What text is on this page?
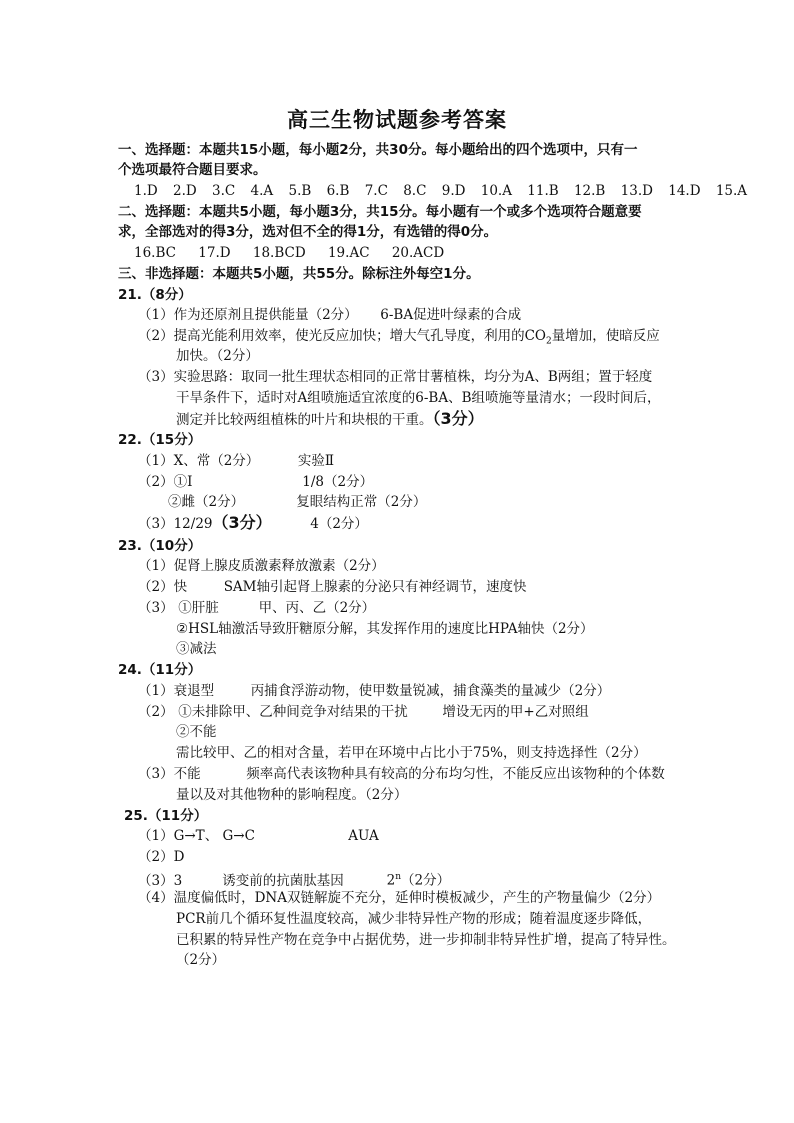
高三生物试题参考答案
一、选择题：本题共15小题，每小题2分，共30分。每小题给出的四个选项中，只有一
个选项最符合题目要求。
1.D 2.D 3.C 4.A 5.B 6.B 7.C 8.C 9.D 10.A 11.B 12.B 13.D 14.D 15.A
二、选择题：本题共5小题，每小题3分，共15分。每小题有一个或多个选项符合题意要
求，全部选对的得3分，选对但不全的得1分，有选错的得0分。
16.BC 17.D 18.BCD 19.AC 20.ACD
三、非选择题：本题共5小题，共55分。除标注外每空1分。
21.（8分）
（1）作为还原剂且提供能量（2分） 6-BA促进叶绿素的合成
（2）提高光能利用效率，使光反应加快；增大气孔导度，利用的$CO_2$量增加，使暗反应
加快。（2分）
（3）实验思路：取同一批生理状态相同的正常甘薯植株，均分为A、B两组；置于轻度
干旱条件下，适时对A组喷施适宜浓度的6-BA、B组喷施等量清水；一段时间后，
测定并比较两组植株的叶片和块根的干重。（3分）
22.（15分）
（1）X、常（2分）	实验Ⅱ
（2）①Ⅰ	1/8（2分）
②雌（2分）	复眼结构正常（2分）
（3）12/29（3分）	4（2分）
23.（10分）
（1）促肾上腺皮质激素释放激素（2分）
（2）快	SAM轴引起肾上腺素的分泌只有神经调节，速度快
（3） ①肝脏	甲、丙、乙（2分）
②HSL轴激活导致肝糖原分解，其发挥作用的速度比HPA轴快（2分）
③减法
24.（11分）
（1）衰退型	丙捕食浮游动物，使甲数量锐减，捕食藻类的量减少（2分）
（2） ①未排除甲、乙种间竞争对结果的干扰	增设无丙的甲+乙对照组
②不能
需比较甲、乙的相对含量，若甲在环境中占比小于75%，则支持选择性（2分）
（3）不能	频率高代表该物种具有较高的分布均匀性，不能反应出该物种的个体数
量以及对其他物种的影响程度。（2分）
25.（11分）
（1）G→T、 G→C	AUA
（2）D
（3）3	诱变前的抗菌肽基因	2$^n$（2分）
（4）温度偏低时，DNA双链解旋不充分，延伸时模板减少，产生的产物量偏少（2分）
PCR前几个循环复性温度较高，减少非特异性产物的形成；随着温度逐步降低，
已积累的特异性产物在竞争中占据优势，进一步抑制非特异性扩增，提高了特异性。
（2分）
